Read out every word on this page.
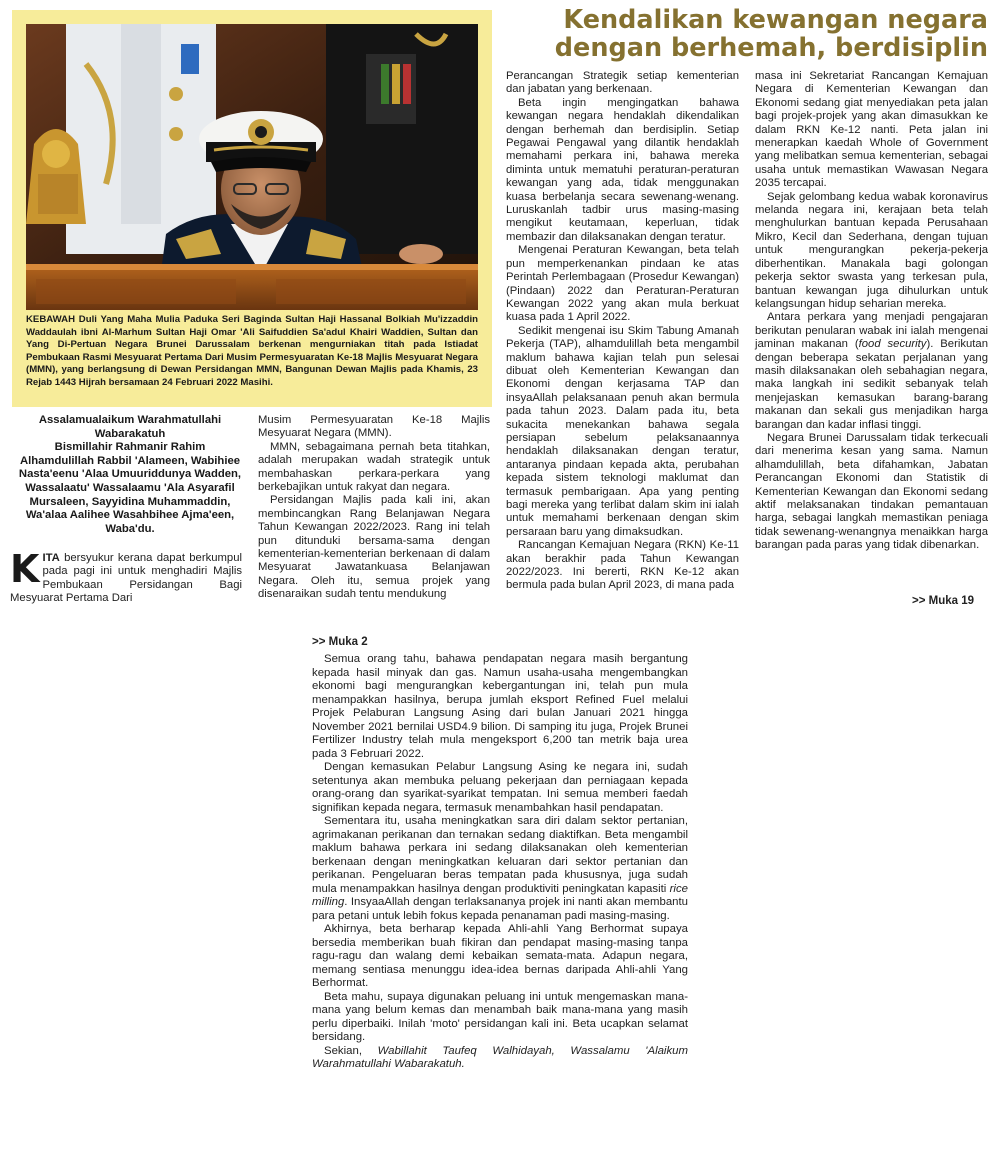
KEBAWAH Duli Yang Maha Mulia Paduka Seri Baginda Sultan Haji Hassanal Bolkiah Mu'izzaddin Waddaulah ibni Al-Marhum Sultan Haji Omar 'Ali Saifuddien Sa'adul Khairi Waddien, Sultan dan Yang Di-Pertuan Negara Brunei Darussalam berkenan mengurniakan titah pada Istiadat Pembukaan Rasmi Mesyuarat Pertama Dari Musim Permesyuaratan Ke-18 Majlis Mesyuarat Negara (MMN), yang berlangsung di Dewan Persidangan MMN, Bangunan Dewan Majlis pada Khamis, 23 Rejab 1443 Hijrah bersamaan 24 Februari 2022 Masihi.
Kendalikan kewangan negara
dengan berhemah, berdisiplin
Assalamualaikum Warahmatullahi Wabarakatuh
Bismillahir Rahmanir Rahim
Alhamdulillah Rabbil 'Alameen, Wabihiee Nasta'eenu 'Alaa Umuuriddunya Wadden, Wassalaatu' Wassalaamu 'Ala Asyarafil Mursaleen, Sayyidina Muhammaddin, Wa'alaa Aalihee Wasahbihee Ajma'een, Waba'du.

KITA bersyukur kerana dapat berkumpul pada pagi ini untuk menghadiri Majlis Pembukaan Persidangan Bagi Mesyuarat Pertama Dari

Musim Permesyuaratan Ke-18 Majlis Mesyuarat Negara (MMN).

MMN, sebagaimana pernah beta titahkan, adalah merupakan wadah strategik untuk membahaskan perkara-perkara yang berkebajikan untuk rakyat dan negara.

Persidangan Majlis pada kali ini, akan membincangkan Rang Belanjawan Negara Tahun Kewangan 2022/2023. Rang ini telah pun ditunduki bersama-sama dengan kementerian-kementerian berkenaan di dalam Mesyuarat Jawatankuasa Belanjawan Negara. Oleh itu, semua projek yang disenaraikan sudah tentu mendukung

Perancangan Strategik setiap kementerian dan jabatan yang berkenaan.

Beta ingin mengingatkan bahawa kewangan negara hendaklah dikendalikan dengan berhemah dan berdisiplin. Setiap Pegawai Pengawal yang dilantik hendaklah memahami perkara ini, bahawa mereka diminta untuk mematuhi peraturan-peraturan kewangan yang ada, tidak menggunakan kuasa berbelanja secara sewenang-wenang. Luruskanlah tadbir urus masing-masing mengikut keutamaan, keperluan, tidak membazir dan dilaksanakan dengan teratur.

Mengenai Peraturan Kewangan, beta telah pun memperkenankan pindaan ke atas Perintah Perlembagaan (Prosedur Kewangan) (Pindaan) 2022 dan Peraturan-Peraturan Kewangan 2022 yang akan mula berkuat kuasa pada 1 April 2022.

Sedikit mengenai isu Skim Tabung Amanah Pekerja (TAP), alhamdulillah beta mengambil maklum bahawa kajian telah pun selesai dibuat oleh Kementerian Kewangan dan Ekonomi dengan kerjasama TAP dan insyaAllah pelaksanaan penuh akan bermula pada tahun 2023. Dalam pada itu, beta sukacita menekankan bahawa segala persiapan sebelum pelaksanaannya hendaklah dilaksanakan dengan teratur, antaranya pindaan kepada akta, perubahan kepada sistem teknologi maklumat dan termasuk pembarigaan. Apa yang penting bagi mereka yang terlibat dalam skim ini ialah untuk memahami berkenaan dengan skim persaraan baru yang dimaksudkan.

Rancangan Kemajuan Negara (RKN) Ke-11 akan berakhir pada Tahun Kewangan 2022/2023. Ini bererti, RKN Ke-12 akan bermula pada bulan April 2023, di mana pada

masa ini Sekretariat Rancangan Kemajuan Negara di Kementerian Kewangan dan Ekonomi sedang giat menyediakan peta jalan bagi projek-projek yang akan dimasukkan ke dalam RKN Ke-12 nanti. Peta jalan ini menerapkan kaedah Whole of Government yang melibatkan semua kementerian, sebagai usaha untuk memastikan Wawasan Negara 2035 tercapai.

Sejak gelombang kedua wabak koronavirus melanda negara ini, kerajaan beta telah menghulurkan bantuan kepada Perusahaan Mikro, Kecil dan Sederhana, dengan tujuan untuk mengurangkan pekerja-pekerja diberhentikan. Manakala bagi golongan pekerja sektor swasta yang terkesan pula, bantuan kewangan juga dihulurkan untuk kelangsungan hidup seharian mereka.

Antara perkara yang menjadi pengajaran berikutan penularan wabak ini ialah mengenai jaminan makanan (food security). Berikutan dengan beberapa sekatan perjalanan yang masih dilaksanakan oleh sebahagian negara, maka langkah ini sedikit sebanyak telah menjejaskan kemasukan barang-barang makanan dan sekali gus menjadikan harga barangan dan kadar inflasi tinggi.

Negara Brunei Darussalam tidak terkecuali dari menerima kesan yang sama. Namun alhamdulillah, beta difahamkan, Jabatan Perancangan Ekonomi dan Statistik di Kementerian Kewangan dan Ekonomi sedang aktif melaksanakan tindakan pemantauan harga, sebagai langkah memastikan peniaga tidak sewenang-wenangnya menaikkan harga barangan pada paras yang tidak dibenarkan.

>> Muka 19
>> Muka 2

Semua orang tahu, bahawa pendapatan negara masih bergantung kepada hasil minyak dan gas. Namun usaha-usaha mengembangkan ekonomi bagi mengurangkan kebergantungan ini, telah pun mula menampakkan hasilnya, berupa jumlah eksport Refined Fuel melalui Projek Pelaburan Langsung Asing dari bulan Januari 2021 hingga November 2021 bernilai USD4.9 bilion. Di samping itu juga, Projek Brunei Fertilizer Industry telah mula mengeksport 6,200 tan metrik baja urea pada 3 Februari 2022.

Dengan kemasukan Pelabur Langsung Asing ke negara ini, sudah setentunya akan membuka peluang pekerjaan dan perniagaan kepada orang-orang dan syarikat-syarikat tempatan. Ini semua memberi faedah signifikan kepada negara, termasuk menambahkan hasil pendapatan.

Sementara itu, usaha meningkatkan sara diri dalam sektor pertanian, agrimakanan perikanan dan ternakan sedang diaktifkan. Beta mengambil maklum bahawa perkara ini sedang dilaksanakan oleh kementerian berkenaan dengan meningkatkan keluaran dari sektor pertanian dan perikanan. Pengeluaran beras tempatan pada khususnya, juga sudah mula menampakkan hasilnya dengan produktiviti peningkatan kapasiti rice milling. InsyaaAllah dengan terlaksananya projek ini nanti akan membantu para petani untuk lebih fokus kepada penanaman padi masing-masing.

Akhirnya, beta berharap kepada Ahli-ahli Yang Berhormat supaya bersedia memberikan buah fikiran dan pendapat masing-masing tanpa ragu-ragu dan walang demi kebaikan semata-mata. Adapun negara, memang sentiasa menunggu idea-idea bernas daripada Ahli-ahli Yang Berhormat.

Beta mahu, supaya digunakan peluang ini untuk mengemaskan mana-mana yang belum kemas dan menambah baik mana-mana yang masih perlu diperbaiki. Inilah 'moto' persidangan kali ini. Beta ucapkan selamat bersidang.

Sekian, Wabillahit Taufeq Walhidayah, Wassalamu 'Alaikum Warahmatullahi Wabarakatuh.
